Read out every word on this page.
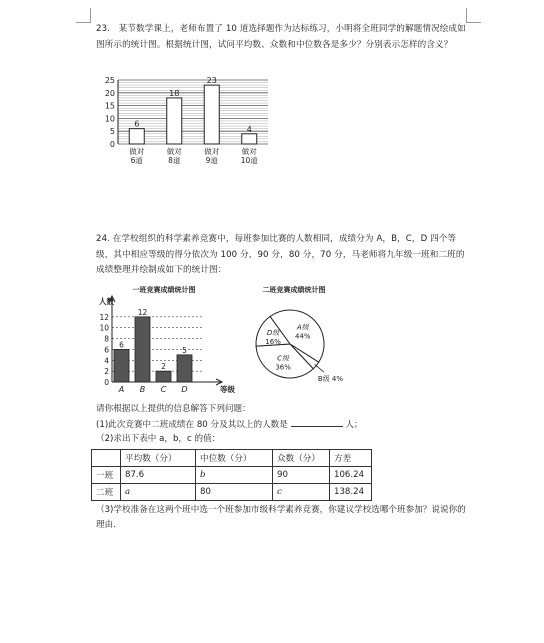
23.　某节数学课上，老师布置了 10 道选择题作为达标练习，小明将全班同学的解题情况绘成如图所示的统计图。根据统计图，试问平均数、众数和中位数各是多少？分别表示怎样的含义？
0
5
10
15
20
25
6
做对
6道
18
做对
8道
23
做对
9道
4
做对
10道
24. 在学校组织的科学素养竞赛中，每班参加比赛的人数相同，成绩分为 A，B，C，D 四个等级，其中相应等级的得分依次为 100 分，90 分，80 分，70 分，马老师将九年级一班和二班的成绩整理并绘制成如下的统计图：
一班竞赛成绩统计图
人数
0
2
4
6
8
10
12
等级
6
A
12
B
2
C
5
D
二班竞赛成绩统计图
A级
44%
B级 4%
C级
36%
D级
16%
请你根据以上提供的信息解答下列问题：
(1)此次竞赛中二班成绩在 80 分及其以上的人数是	人；
（2)求出下表中 a，b，c 的值：
	平均数（分）	中位数（分）	众数（分）	方差
一班	87.6	b	90	106.24
二班	a	80	c	138.24
（3)学校准备在这两个班中选一个班参加市级科学素养竞赛，你建议学校选哪个班参加？说说你的理由.
